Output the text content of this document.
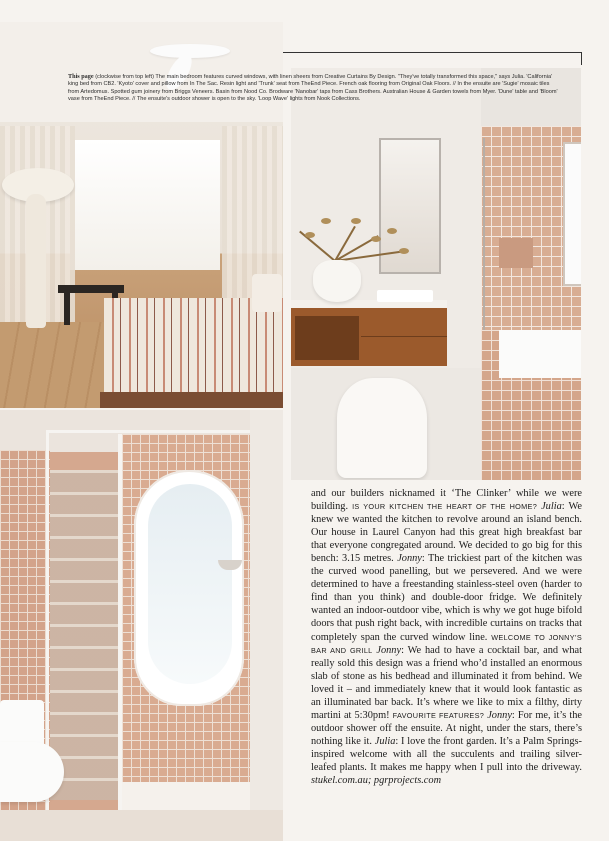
This page (clockwise from top left) The main bedroom features curved windows, with linen sheers from Creative Curtains By Design. "They've totally transformed this space," says Julia. 'California' king bed from CB2. 'Kyoto' cover and pillow from In The Sac. Resin light and 'Trunk' seat from TheEnd Piece. French oak flooring from Original Oak Floors. // In the ensuite are 'Sugie' mosaic tiles from Artedomus. Spotted gum joinery from Briggs Veneers. Basin from Nood Co. Brodware 'Nanobar' taps from Cass Brothers. Australian House & Garden towels from Myer. 'Dune' table and 'Bloom' vase from TheEnd Piece. // The ensuite's outdoor shower is open to the sky. 'Loop Wave' lights from Nook Collections.

and our builders nicknamed it ‘The Clinker’ while we were building. IS YOUR KITCHEN THE HEART OF THE HOME? Julia: We knew we wanted the kitchen to revolve around an island bench. Our house in Laurel Canyon had this great high breakfast bar that everyone congregated around. We decided to go big for this bench: 3.15 metres. Jonny: The trickiest part of the kitchen was the curved wood panelling, but we persevered. And we were determined to have a freestanding stainless-steel oven (harder to find than you think) and double-door fridge. We definitely wanted an indoor-outdoor vibe, which is why we got huge bifold doors that push right back, with incredible curtains on tracks that completely span the curved window line. WELCOME TO JONNY’S BAR AND GRILL Jonny: We had to have a cocktail bar, and what really sold this design was a friend who’d installed an enormous slab of stone as his bedhead and illuminated it from behind. We loved it – and immediately knew that it would look fantastic as an illuminated bar back. It’s where we like to mix a filthy, dirty martini at 5:30pm! FAVOURITE FEATURES? Jonny: For me, it’s the outdoor shower off the ensuite. At night, under the stars, there’s nothing like it. Julia: I love the front garden. It’s a Palm Springs-inspired welcome with all the succulents and trailing silver-leafed plants. It makes me happy when I pull into the driveway. stukel.com.au; pgrprojects.com
